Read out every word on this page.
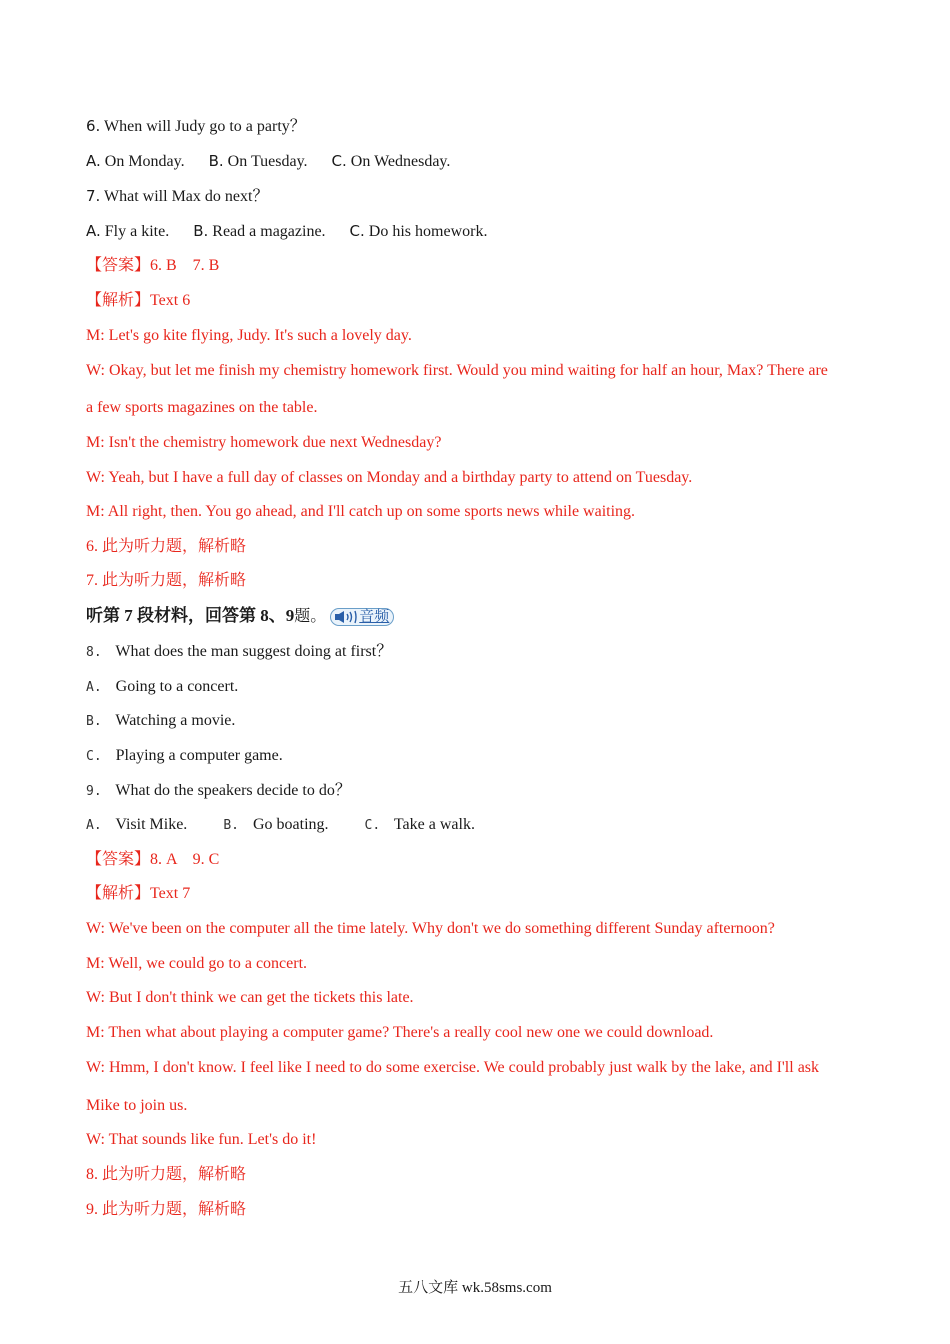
6. When will Judy go to a party？
A. On Monday. B. On Tuesday. C. On Wednesday.
7. What will Max do next？
A. Fly a kite. B. Read a magazine. C. Do his homework.
【答案】6. B　7. B
【解析】Text 6
M: Let's go kite flying, Judy. It's such a lovely day.
W: Okay, but let me finish my chemistry homework first. Would you mind waiting for half an hour, Max? There are
a few sports magazines on the table.
M: Isn't the chemistry homework due next Wednesday?
W: Yeah, but I have a full day of classes on Monday and a birthday party to attend on Tuesday.
M: All right, then. You go ahead, and I'll catch up on some sports news while waiting.
6. 此为听力题，解析略
7. 此为听力题，解析略
听第 7 段材料，回答第 8、9题。 音频
8. What does the man suggest doing at first？
A. Going to a concert.
B. Watching a movie.
C. Playing a computer game.
9. What do the speakers decide to do？
A. Visit Mike.	B. Go boating.	C. Take a walk.
【答案】8. A　9. C
【解析】Text 7
W: We've been on the computer all the time lately. Why don't we do something different Sunday afternoon?
M: Well, we could go to a concert.
W: But I don't think we can get the tickets this late.
M: Then what about playing a computer game? There's a really cool new one we could download.
W: Hmm, I don't know. I feel like I need to do some exercise. We could probably just walk by the lake, and I'll ask
Mike to join us.
W: That sounds like fun. Let's do it!
8. 此为听力题，解析略
9. 此为听力题，解析略
五八文库 wk.58sms.com
